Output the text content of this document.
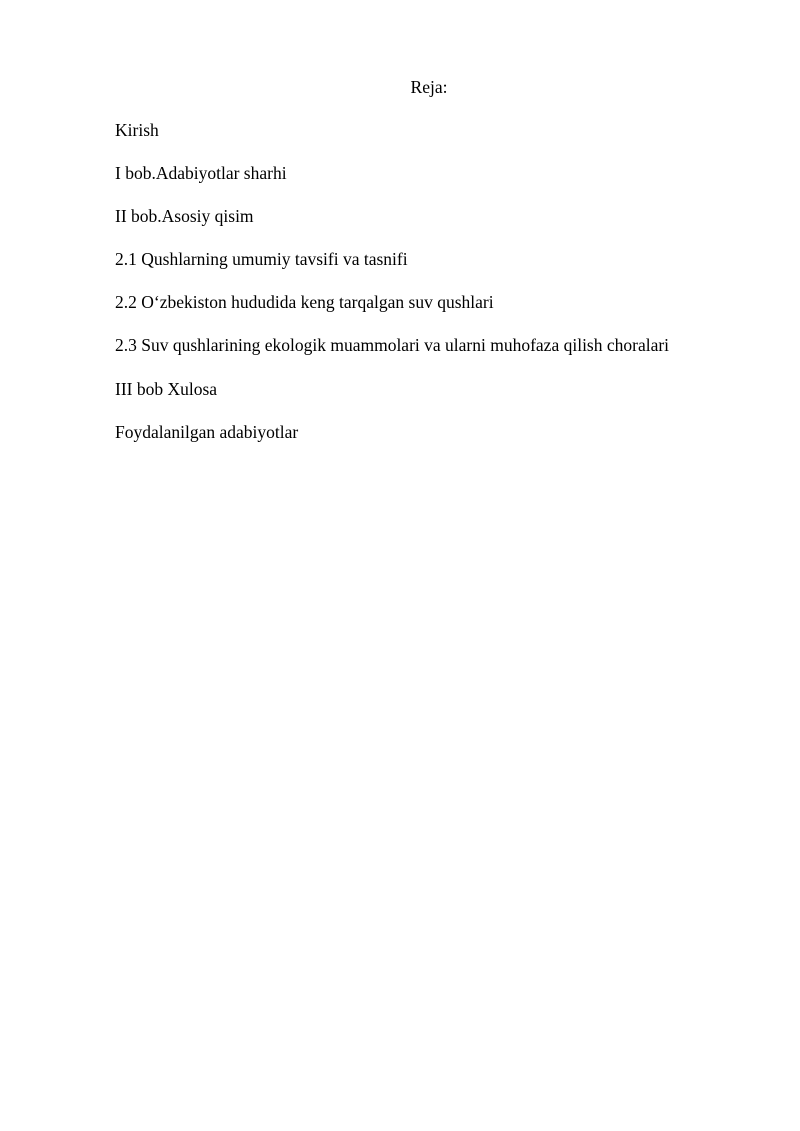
Reja:
Kirish
I bob.Adabiyotlar sharhi
II bob.Asosiy qisim
2.1 Qushlarning umumiy tavsifi va tasnifi
2.2 O‘zbekiston hududida keng tarqalgan suv qushlari
2.3 Suv qushlarining ekologik muammolari va ularni muhofaza qilish choralari
III bob Xulosa
Foydalanilgan adabiyotlar
